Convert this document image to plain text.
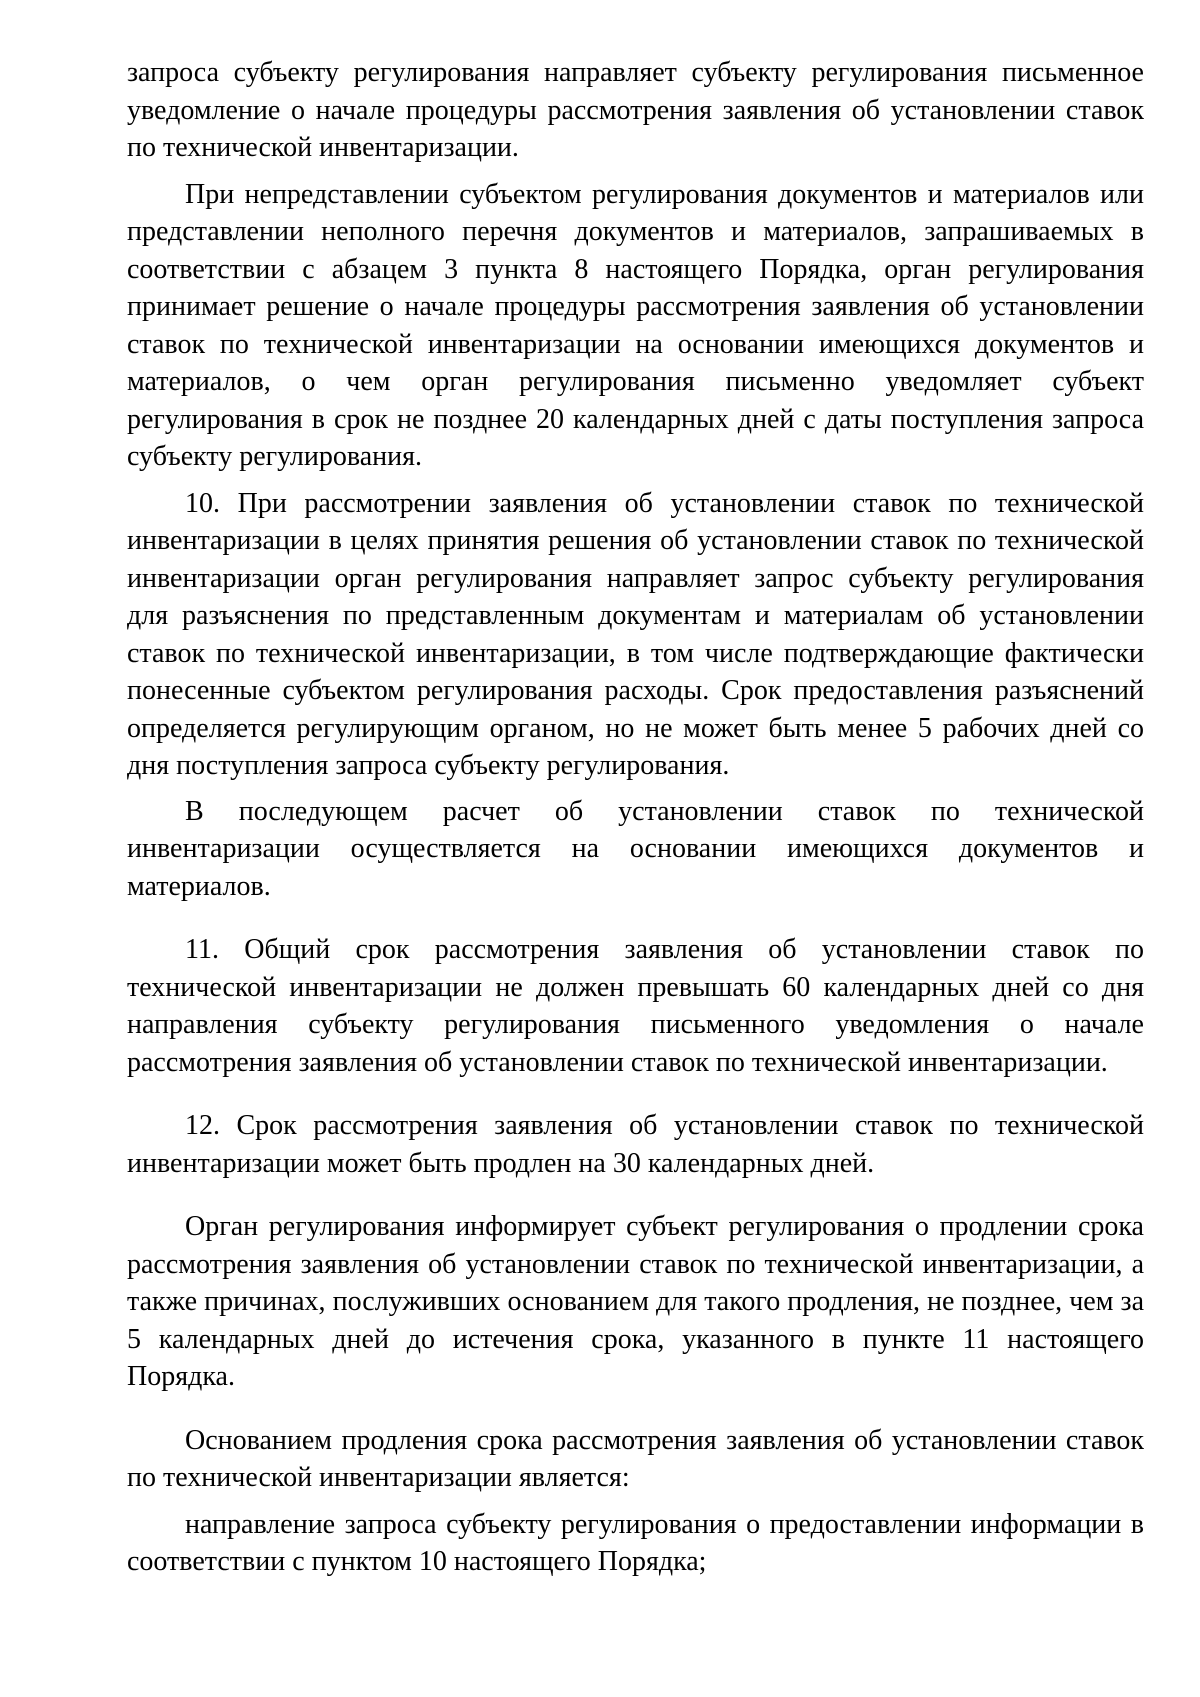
запроса субъекту регулирования направляет субъекту регулирования письменное уведомление о начале процедуры рассмотрения заявления об установлении ставок по технической инвентаризации.

При непредставлении субъектом регулирования документов и материалов или представлении неполного перечня документов и материалов, запрашиваемых в соответствии с абзацем 3 пункта 8 настоящего Порядка, орган регулирования принимает решение о начале процедуры рассмотрения заявления об установлении ставок по технической инвентаризации на основании имеющихся документов и материалов, о чем орган регулирования письменно уведомляет субъект регулирования в срок не позднее 20 календарных дней с даты поступления запроса субъекту регулирования.

10. При рассмотрении заявления об установлении ставок по технической инвентаризации в целях принятия решения об установлении ставок по технической инвентаризации орган регулирования направляет запрос субъекту регулирования для разъяснения по представленным документам и материалам об установлении ставок по технической инвентаризации, в том числе подтверждающие фактически понесенные субъектом регулирования расходы. Срок предоставления разъяснений определяется регулирующим органом, но не может быть менее 5 рабочих дней со дня поступления запроса субъекту регулирования.

В последующем расчет об установлении ставок по технической инвентаризации осуществляется на основании имеющихся документов и материалов.

11. Общий срок рассмотрения заявления об установлении ставок по технической инвентаризации не должен превышать 60 календарных дней со дня направления субъекту регулирования письменного уведомления о начале рассмотрения заявления об установлении ставок по технической инвентаризации.

12. Срок рассмотрения заявления об установлении ставок по технической инвентаризации может быть продлен на 30 календарных дней.

Орган регулирования информирует субъект регулирования о продлении срока рассмотрения заявления об установлении ставок по технической инвентаризации, а также причинах, послуживших основанием для такого продления, не позднее, чем за 5 календарных дней до истечения срока, указанного в пункте 11 настоящего Порядка.

Основанием продления срока рассмотрения заявления об установлении ставок по технической инвентаризации является:

направление запроса субъекту регулирования о предоставлении информации в соответствии с пунктом 10 настоящего Порядка;
